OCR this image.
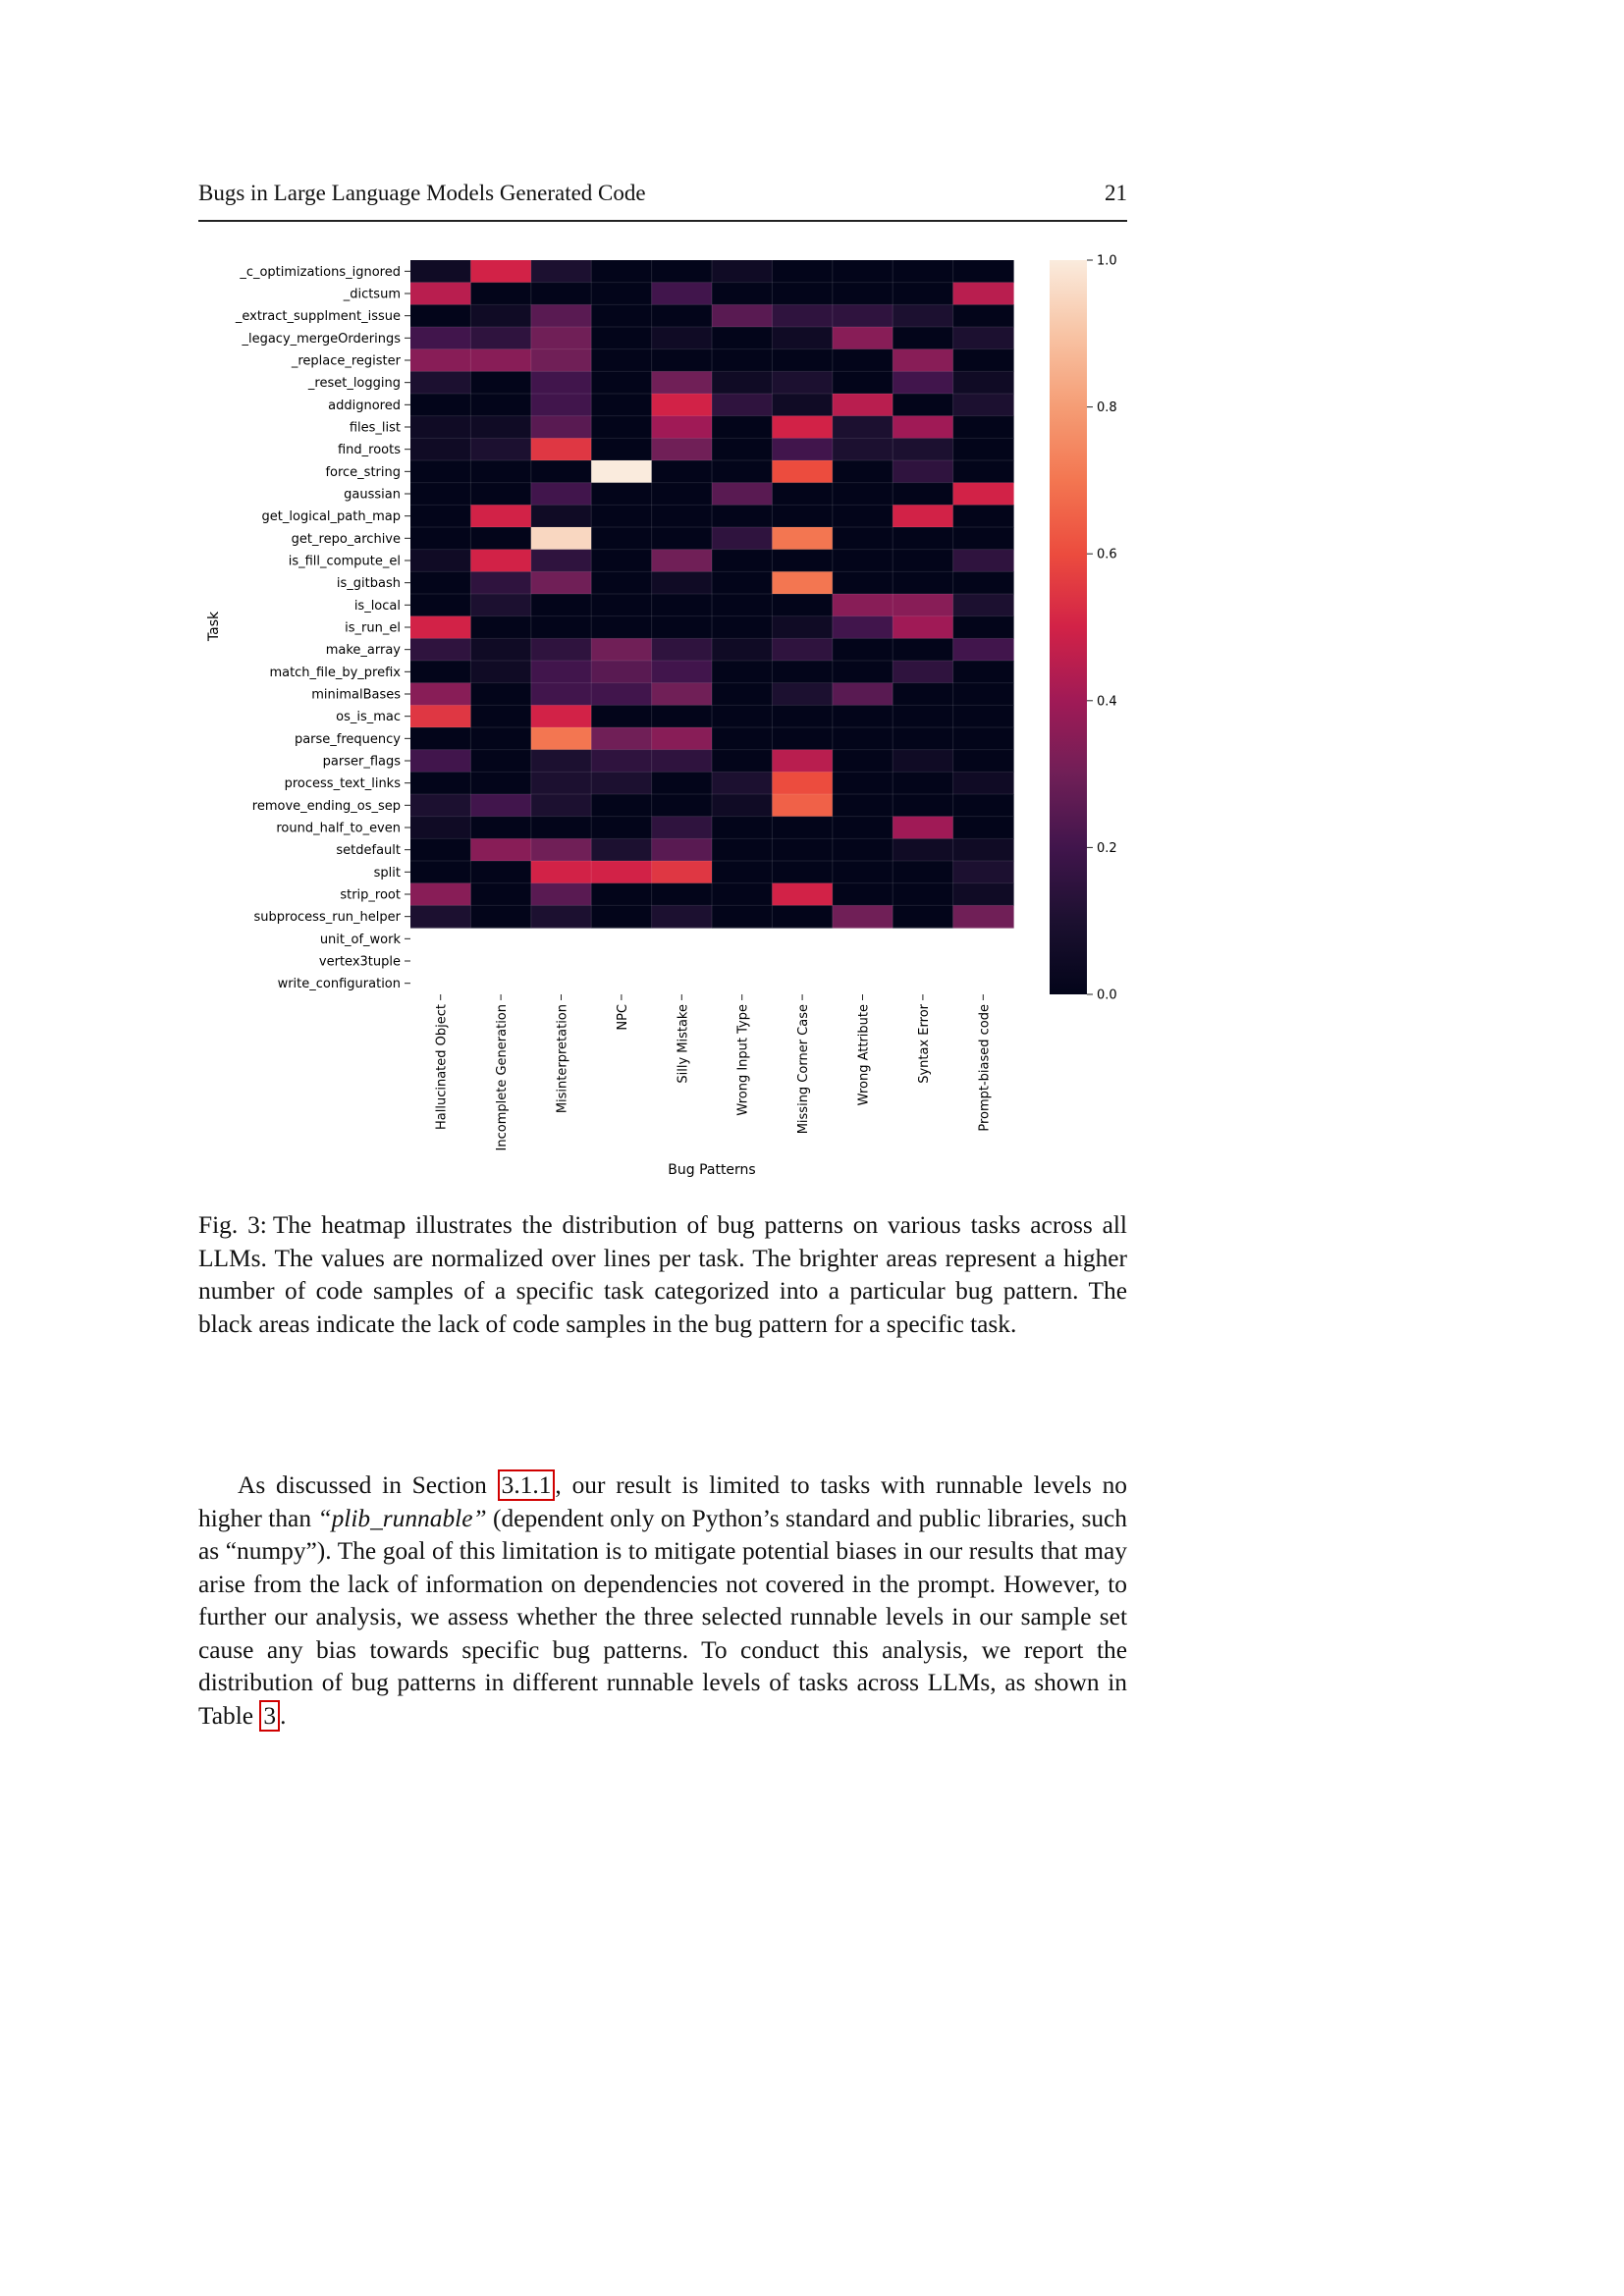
Bugs in Large Language Models Generated Code	21
_c_optimizations_ignored
_dictsum
_extract_supplment_issue
_legacy_mergeOrderings
_replace_register
_reset_logging
addignored
files_list
find_roots
force_string
gaussian
get_logical_path_map
get_repo_archive
is_fill_compute_el
is_gitbash
is_local
is_run_el
make_array
match_file_by_prefix
minimalBases
os_is_mac
parse_frequency
parser_flags
process_text_links
remove_ending_os_sep
round_half_to_even
setdefault
split
strip_root
subprocess_run_helper
unit_of_work
vertex3tuple
write_configuration
Hallucinated Object	Incomplete Generation	Misinterpretation	NPC	Silly Mistake	Wrong Input Type	Missing Corner Case	Wrong Attribute	Syntax Error	Prompt-biased code
Task
Bug Patterns
0.0
0.2
0.4
0.6
0.8
1.0
Fig. 3: The heatmap illustrates the distribution of bug patterns on various tasks across all LLMs. The values are normalized over lines per task. The brighter areas represent a higher number of code samples of a specific task categorized into a particular bug pattern. The black areas indicate the lack of code samples in the bug pattern for a specific task.
As discussed in Section 3.1.1 , our result is limited to tasks with runnable levels no higher than “plib_runnable” (dependent only on Python’s standard and public libraries, such as “numpy”). The goal of this limitation is to mitigate potential biases in our results that may arise from the lack of information on dependencies not covered in the prompt. However, to further our analysis, we assess whether the three selected runnable levels in our sample set cause any bias towards specific bug patterns. To conduct this analysis, we report the distribution of bug patterns in different runnable levels of tasks across LLMs, as shown in Table 3 .
